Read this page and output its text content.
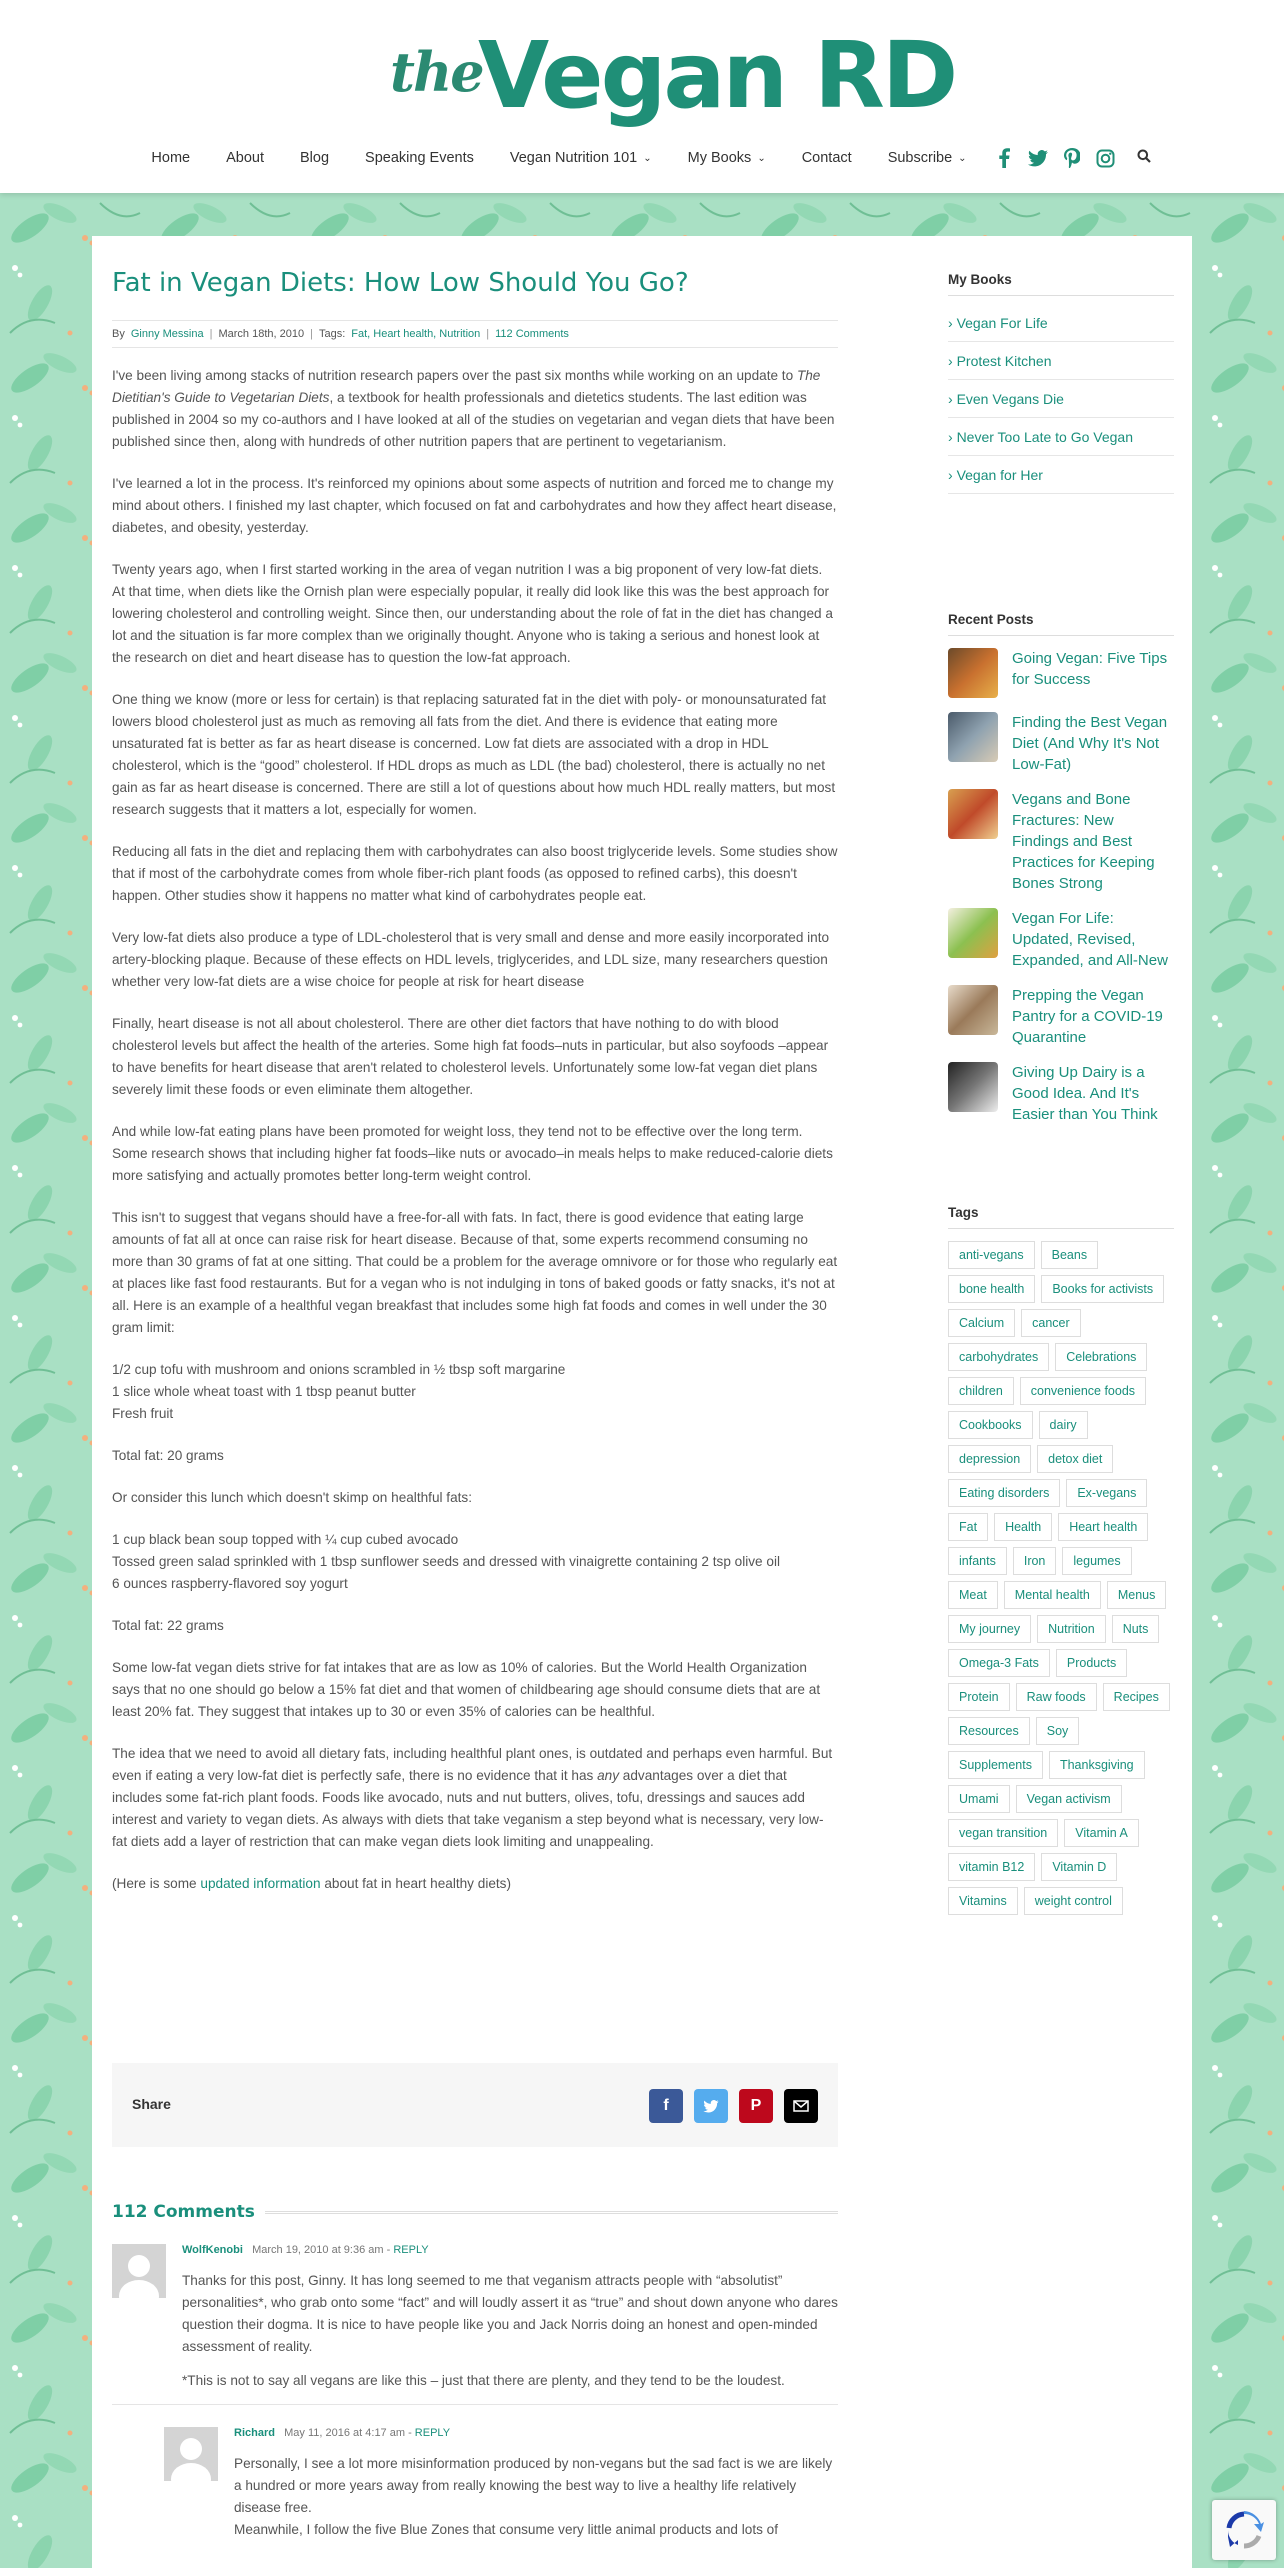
the
Vegan RD
Home About Blog Speaking Events Vegan Nutrition 101 ⌄ My Books ⌄ Contact Subscribe ⌄
Fat in Vegan Diets: How Low Should You Go?
By Ginny Messina | March 18th, 2010 | Tags: Fat, Heart health, Nutrition | 112 Comments

I've been living among stacks of nutrition research papers over the past six months while working on an update to The Dietitian's Guide to Vegetarian Diets, a textbook for health professionals and dietetics students. The last edition was published in 2004 so my co-authors and I have looked at all of the studies on vegetarian and vegan diets that have been published since then, along with hundreds of other nutrition papers that are pertinent to vegetarianism.

I've learned a lot in the process. It's reinforced my opinions about some aspects of nutrition and forced me to change my mind about others. I finished my last chapter, which focused on fat and carbohydrates and how they affect heart disease, diabetes, and obesity, yesterday.

Twenty years ago, when I first started working in the area of vegan nutrition I was a big proponent of very low-fat diets. At that time, when diets like the Ornish plan were especially popular, it really did look like this was the best approach for lowering cholesterol and controlling weight. Since then, our understanding about the role of fat in the diet has changed a lot and the situation is far more complex than we originally thought. Anyone who is taking a serious and honest look at the research on diet and heart disease has to question the low-fat approach.

One thing we know (more or less for certain) is that replacing saturated fat in the diet with poly- or monounsaturated fat lowers blood cholesterol just as much as removing all fats from the diet. And there is evidence that eating more unsaturated fat is better as far as heart disease is concerned. Low fat diets are associated with a drop in HDL cholesterol, which is the “good” cholesterol. If HDL drops as much as LDL (the bad) cholesterol, there is actually no net gain as far as heart disease is concerned. There are still a lot of questions about how much HDL really matters, but most research suggests that it matters a lot, especially for women.

Reducing all fats in the diet and replacing them with carbohydrates can also boost triglyceride levels. Some studies show that if most of the carbohydrate comes from whole fiber-rich plant foods (as opposed to refined carbs), this doesn't happen. Other studies show it happens no matter what kind of carbohydrates people eat.

Very low-fat diets also produce a type of LDL-cholesterol that is very small and dense and more easily incorporated into artery-blocking plaque. Because of these effects on HDL levels, triglycerides, and LDL size, many researchers question whether very low-fat diets are a wise choice for people at risk for heart disease

Finally, heart disease is not all about cholesterol. There are other diet factors that have nothing to do with blood cholesterol levels but affect the health of the arteries. Some high fat foods–nuts in particular, but also soyfoods –appear to have benefits for heart disease that aren't related to cholesterol levels. Unfortunately some low-fat vegan diet plans severely limit these foods or even eliminate them altogether.

And while low-fat eating plans have been promoted for weight loss, they tend not to be effective over the long term. Some research shows that including higher fat foods–like nuts or avocado–in meals helps to make reduced-calorie diets more satisfying and actually promotes better long-term weight control.

This isn't to suggest that vegans should have a free-for-all with fats. In fact, there is good evidence that eating large amounts of fat all at once can raise risk for heart disease. Because of that, some experts recommend consuming no more than 30 grams of fat at one sitting. That could be a problem for the average omnivore or for those who regularly eat at places like fast food restaurants. But for a vegan who is not indulging in tons of baked goods or fatty snacks, it's not at all. Here is an example of a healthful vegan breakfast that includes some high fat foods and comes in well under the 30 gram limit:

1/2 cup tofu with mushroom and onions scrambled in ½ tbsp soft margarine

1 slice whole wheat toast with 1 tbsp peanut butter

Fresh fruit

Total fat: 20 grams

Or consider this lunch which doesn't skimp on healthful fats:

1 cup black bean soup topped with ¼ cup cubed avocado

Tossed green salad sprinkled with 1 tbsp sunflower seeds and dressed with vinaigrette containing 2 tsp olive oil

6 ounces raspberry-flavored soy yogurt

Total fat: 22 grams

Some low-fat vegan diets strive for fat intakes that are as low as 10% of calories. But the World Health Organization says that no one should go below a 15% fat diet and that women of childbearing age should consume diets that are at least 20% fat. They suggest that intakes up to 30 or even 35% of calories can be healthful.

The idea that we need to avoid all dietary fats, including healthful plant ones, is outdated and perhaps even harmful. But even if eating a very low-fat diet is perfectly safe, there is no evidence that it has any advantages over a diet that includes some fat-rich plant foods. Foods like avocado, nuts and nut butters, olives, tofu, dressings and sauces add interest and variety to vegan diets. As always with diets that take veganism a step beyond what is necessary, very low-fat diets add a layer of restriction that can make vegan diets look limiting and unappealing.

(Here is some updated information about fat in heart healthy diets)

Share	f	P
112 Comments
WolfKenobi March 19, 2010 at 9:36 am - REPLY

Thanks for this post, Ginny. It has long seemed to me that veganism attracts people with “absolutist” personalities*, who grab onto some “fact” and will loudly assert it as “true” and shout down anyone who dares question their dogma. It is nice to have people like you and Jack Norris doing an honest and open-minded assessment of reality.

*This is not to say all vegans are like this – just that there are plenty, and they tend to be the loudest.

Richard May 11, 2016 at 4:17 am - REPLY

Personally, I see a lot more misinformation produced by non-vegans but the sad fact is we are likely a hundred or more years away from really knowing the best way to live a healthy life relatively disease free.

Meanwhile, I follow the five Blue Zones that consume very little animal products and lots of

My Books
› Vegan For Life
› Protest Kitchen
› Even Vegans Die
› Never Too Late to Go Vegan
› Vegan for Her
Recent Posts
Going Vegan: Five Tips for Success
Finding the Best Vegan Diet (And Why It's Not Low-Fat)
Vegans and Bone Fractures: New Findings and Best Practices for Keeping Bones Strong
Vegan For Life: Updated, Revised, Expanded, and All-New
Prepping the Vegan Pantry for a COVID-19 Quarantine
Giving Up Dairy is a Good Idea. And It's Easier than You Think
Tags
anti-vegans	Beans
bone health	Books for activists
Calcium	cancer
carbohydrates	Celebrations
children	convenience foods
Cookbooks	dairy
depression	detox diet
Eating disorders	Ex-vegans
Fat	Health	Heart health
infants	Iron	legumes
Meat	Mental health	Menus
My journey	Nutrition	Nuts
Omega-3 Fats	Products
Protein	Raw foods	Recipes
Resources	Soy
Supplements	Thanksgiving
Umami	Vegan activism
vegan transition	Vitamin A
vitamin B12	Vitamin D
Vitamins	weight control
